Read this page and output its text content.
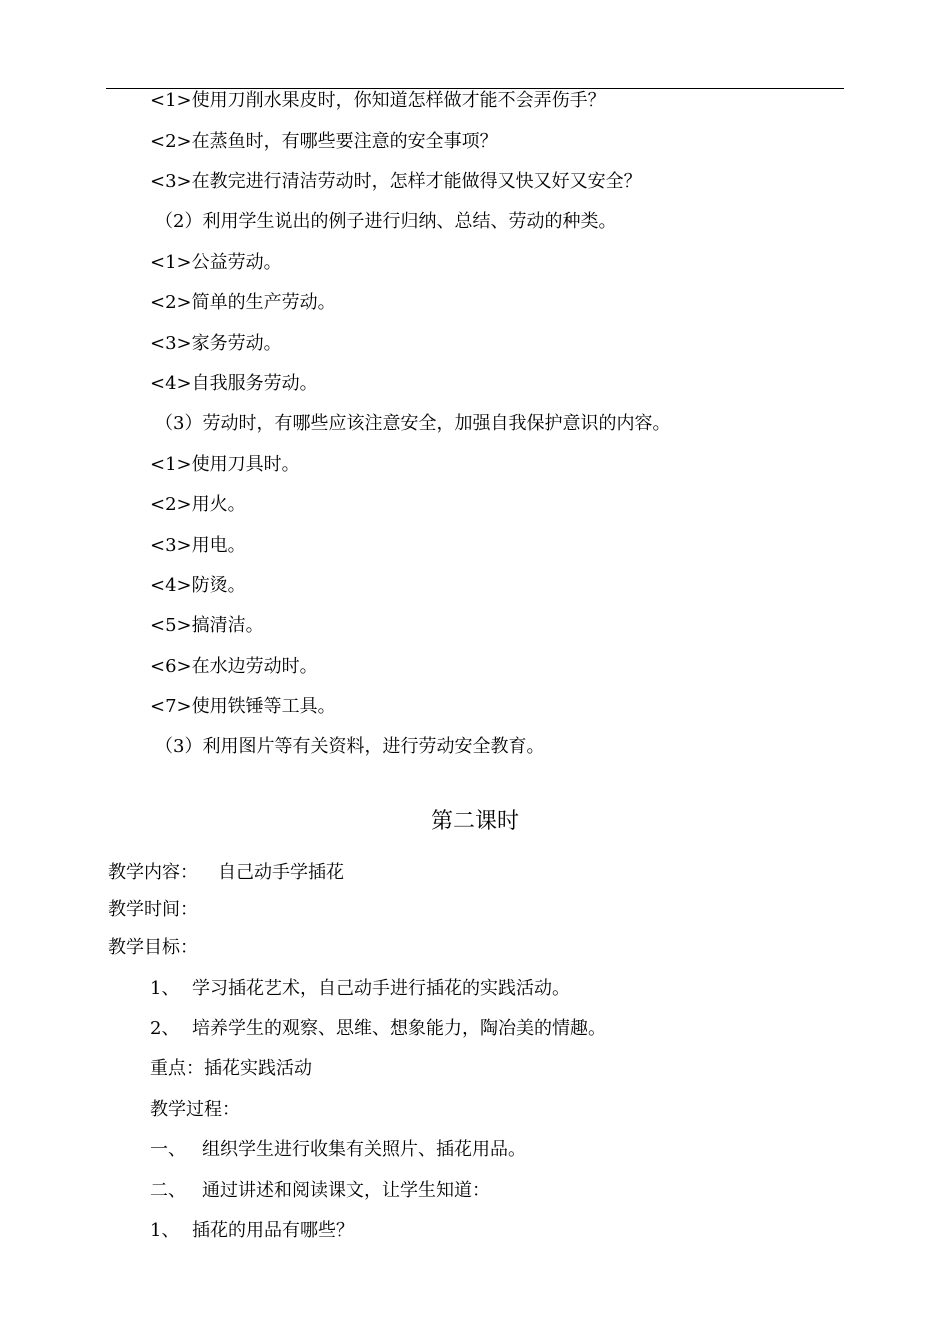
<1>使用刀削水果皮时，你知道怎样做才能不会弄伤手？
<2>在蒸鱼时，有哪些要注意的安全事项？
<3>在教完进行清洁劳动时，怎样才能做得又快又好又安全？
（2）利用学生说出的例子进行归纳、总结、劳动的种类。
<1>公益劳动。
<2>简单的生产劳动。
<3>家务劳动。
<4>自我服务劳动。
（3）劳动时，有哪些应该注意安全，加强自我保护意识的内容。
<1>使用刀具时。
<2>用火。
<3>用电。
<4>防烫。
<5>搞清洁。
<6>在水边劳动时。
<7>使用铁锤等工具。
（3）利用图片等有关资料，进行劳动安全教育。
第二课时
教学内容： 自己动手学插花
教学时间：
教学目标：
1、 学习插花艺术，自己动手进行插花的实践活动。
2、 培养学生的观察、思维、想象能力，陶冶美的情趣。
重点：插花实践活动
教学过程：
一、 组织学生进行收集有关照片、插花用品。
二、 通过讲述和阅读课文，让学生知道：
1、 插花的用品有哪些？
